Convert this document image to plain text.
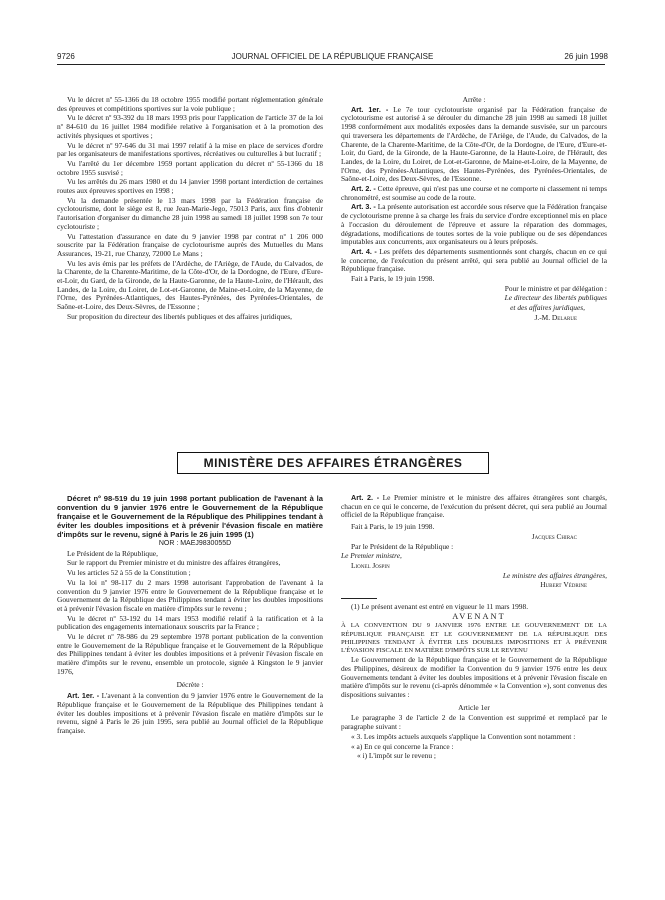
9726	JOURNAL OFFICIEL DE LA RÉPUBLIQUE FRANÇAISE	26 juin 1998

Vu le décret nº 55-1366 du 18 octobre 1955 modifié portant réglementation générale des épreuves et compétitions sportives sur la voie publique ;

Vu le décret nº 93-392 du 18 mars 1993 pris pour l'application de l'article 37 de la loi nº 84-610 du 16 juillet 1984 modifiée relative à l'organisation et à la promotion des activités physiques et sportives ;

Vu le décret nº 97-646 du 31 mai 1997 relatif à la mise en place de services d'ordre par les organisateurs de manifestations sportives, récréatives ou culturelles à but lucratif ;

Vu l'arrêté du 1er décembre 1959 portant application du décret nº 55-1366 du 18 octobre 1955 susvisé ;

Vu les arrêtés du 26 mars 1980 et du 14 janvier 1998 portant interdiction de certaines routes aux épreuves sportives en 1998 ;

Vu la demande présentée le 13 mars 1998 par la Fédération française de cyclotourisme, dont le siège est 8, rue Jean-Marie-Jego, 75013 Paris, aux fins d'obtenir l'autorisation d'organiser du dimanche 28 juin 1998 au samedi 18 juillet 1998 son 7e tour cyclotouriste ;

Vu l'attestation d'assurance en date du 9 janvier 1998 par contrat nº 1 206 000 souscrite par la Fédération française de cyclotourisme auprès des Mutuelles du Mans Assurances, 19-21, rue Chanzy, 72000 Le Mans ;

Vu les avis émis par les préfets de l'Ardèche, de l'Ariège, de l'Aude, du Calvados, de la Charente, de la Charente-Maritime, de la Côte-d'Or, de la Dordogne, de l'Eure, d'Eure-et-Loir, du Gard, de la Gironde, de la Haute-Garonne, de la Haute-Loire, de l'Hérault, des Landes, de la Loire, du Loiret, de Lot-et-Garonne, de Maine-et-Loire, de la Mayenne, de l'Orne, des Pyrénées-Atlantiques, des Hautes-Pyrénées, des Pyrénées-Orientales, de Saône-et-Loire, des Deux-Sèvres, de l'Essonne ;

Sur proposition du directeur des libertés publiques et des affaires juridiques,

Arrête :

Art. 1er. - Le 7e tour cyclotouriste organisé par la Fédération française de cyclotourisme est autorisé à se dérouler du dimanche 28 juin 1998 au samedi 18 juillet 1998 conformément aux modalités exposées dans la demande susvisée, sur un parcours qui traversera les départements de l'Ardèche, de l'Ariège, de l'Aude, du Calvados, de la Charente, de la Charente-Maritime, de la Côte-d'Or, de la Dordogne, de l'Eure, d'Eure-et-Loir, du Gard, de la Gironde, de la Haute-Garonne, de la Haute-Loire, de l'Hérault, des Landes, de la Loire, du Loiret, de Lot-et-Garonne, de Maine-et-Loire, de la Mayenne, de l'Orne, des Pyrénées-Atlantiques, des Hautes-Pyrénées, des Pyrénées-Orientales, de Saône-et-Loire, des Deux-Sèvres, de l'Essonne.

Art. 2. - Cette épreuve, qui n'est pas une course et ne comporte ni classement ni temps chronométré, est soumise au code de la route.

Art. 3. - La présente autorisation est accordée sous réserve que la Fédération française de cyclotourisme prenne à sa charge les frais du service d'ordre exceptionnel mis en place à l'occasion du déroulement de l'épreuve et assure la réparation des dommages, dégradations, modifications de toutes sortes de la voie publique ou de ses dépendances imputables aux concurrents, aux organisateurs ou à leurs préposés.

Art. 4. - Les préfets des départements susmentionnés sont chargés, chacun en ce qui le concerne, de l'exécution du présent arrêté, qui sera publié au Journal officiel de la République française.

Fait à Paris, le 19 juin 1998.

Pour le ministre et par délégation :

Le directeur des libertés publiques

et des affaires juridiques,

J.-M. Delarue

MINISTÈRE DES AFFAIRES ÉTRANGÈRES

Décret nº 98-519 du 19 juin 1998 portant publication de l'avenant à la convention du 9 janvier 1976 entre le Gouvernement de la République française et le Gouvernement de la République des Philippines tendant à éviter les doubles impositions et à prévenir l'évasion fiscale en matière d'impôts sur le revenu, signé à Paris le 26 juin 1995 (1)

NOR : MAEJ9830055D

Le Président de la République,

Sur le rapport du Premier ministre et du ministre des affaires étrangères,

Vu les articles 52 à 55 de la Constitution ;

Vu la loi nº 98-117 du 2 mars 1998 autorisant l'approbation de l'avenant à la convention du 9 janvier 1976 entre le Gouvernement de la République française et le Gouvernement de la République des Philippines tendant à éviter les doubles impositions et à prévenir l'évasion fiscale en matière d'impôts sur le revenu ;

Vu le décret nº 53-192 du 14 mars 1953 modifié relatif à la ratification et à la publication des engagements internationaux souscrits par la France ;

Vu le décret nº 78-986 du 29 septembre 1978 portant publication de la convention entre le Gouvernement de la République française et le Gouvernement de la République des Philippines tendant à éviter les doubles impositions et à prévenir l'évasion fiscale en matière d'impôts sur le revenu, ensemble un protocole, signée à Kingston le 9 janvier 1976,

Décrète :

Art. 1er. - L'avenant à la convention du 9 janvier 1976 entre le Gouvernement de la République française et le Gouvernement de la République des Philippines tendant à éviter les doubles impositions et à prévenir l'évasion fiscale en matière d'impôts sur le revenu, signé à Paris le 26 juin 1995, sera publié au Journal officiel de la République française.

Art. 2. - Le Premier ministre et le ministre des affaires étrangères sont chargés, chacun en ce qui le concerne, de l'exécution du présent décret, qui sera publié au Journal officiel de la République française.

Fait à Paris, le 19 juin 1998.

Jacques Chirac

Par le Président de la République :

Le Premier ministre,

Lionel Jospin

Le ministre des affaires étrangères,

Hubert Védrine

(1) Le présent avenant est entré en vigueur le 11 mars 1998.

AVENANT

À LA CONVENTION DU 9 JANVIER 1976 ENTRE LE GOUVERNEMENT DE LA RÉPUBLIQUE FRANÇAISE ET LE GOUVERNEMENT DE LA RÉPUBLIQUE DES PHILIPPINES TENDANT À ÉVITER LES DOUBLES IMPOSITIONS ET À PRÉVENIR L'ÉVASION FISCALE EN MATIÈRE D'IMPÔTS SUR LE REVENU

Le Gouvernement de la République française et le Gouvernement de la République des Philippines, désireux de modifier la Convention du 9 janvier 1976 entre les deux Gouvernements tendant à éviter les doubles impositions et à prévenir l'évasion fiscale en matière d'impôts sur le revenu (ci-après dénommée « la Convention »), sont convenus des dispositions suivantes :

Article 1er

Le paragraphe 3 de l'article 2 de la Convention est supprimé et remplacé par le paragraphe suivant :

« 3. Les impôts actuels auxquels s'applique la Convention sont notamment :

« a) En ce qui concerne la France :

« i) L'impôt sur le revenu ;
